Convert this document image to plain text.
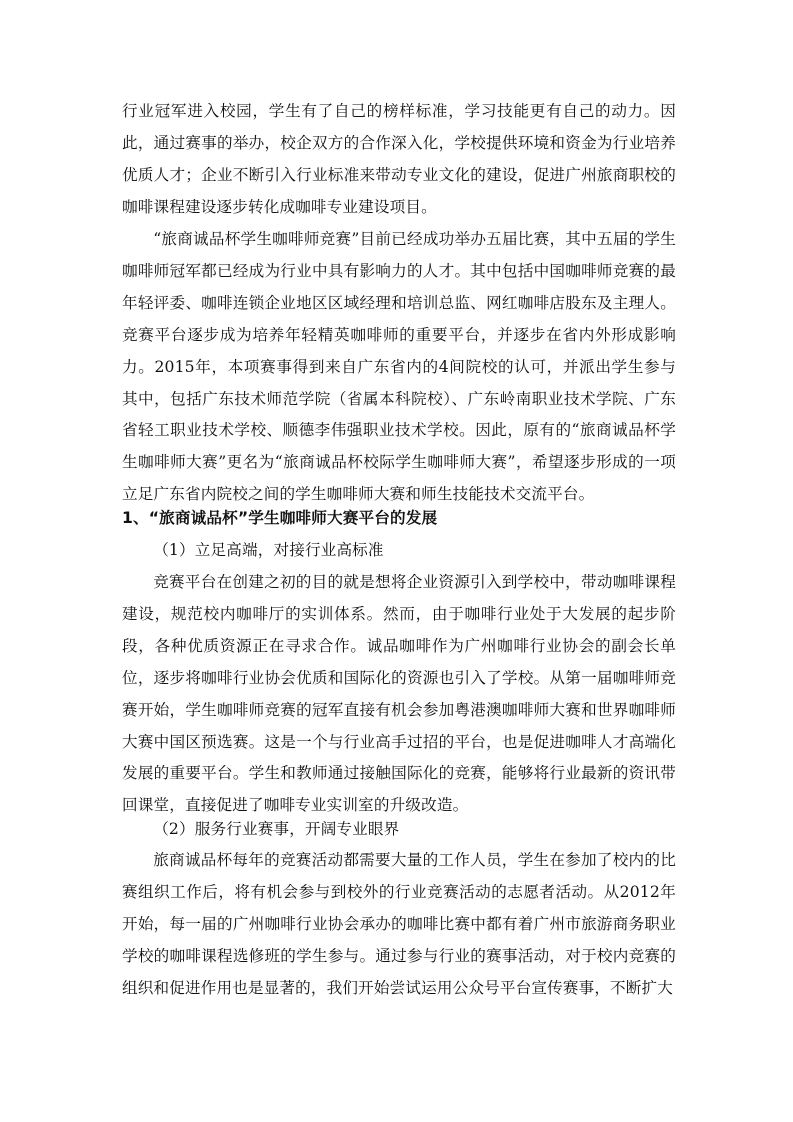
行业冠军进入校园，学生有了自己的榜样标准，学习技能更有自己的动力。因此，通过赛事的举办，校企双方的合作深入化，学校提供环境和资金为行业培养优质人才；企业不断引入行业标准来带动专业文化的建设，促进广州旅商职校的咖啡课程建设逐步转化成咖啡专业建设项目。

“旅商诚品杯学生咖啡师竞赛”目前已经成功举办五届比赛，其中五届的学生咖啡师冠军都已经成为行业中具有影响力的人才。其中包括中国咖啡师竞赛的最年轻评委、咖啡连锁企业地区区域经理和培训总监、网红咖啡店股东及主理人。竞赛平台逐步成为培养年轻精英咖啡师的重要平台，并逐步在省内外形成影响力。2015年，本项赛事得到来自广东省内的4间院校的认可，并派出学生参与其中，包括广东技术师范学院（省属本科院校）、广东岭南职业技术学院、广东省轻工职业技术学校、顺德李伟强职业技术学校。因此，原有的“旅商诚品杯学生咖啡师大赛”更名为“旅商诚品杯校际学生咖啡师大赛”，希望逐步形成的一项立足广东省内院校之间的学生咖啡师大赛和师生技能技术交流平台。

1、“旅商诚品杯”学生咖啡师大赛平台的发展

（1）立足高端，对接行业高标准

竞赛平台在创建之初的目的就是想将企业资源引入到学校中，带动咖啡课程建设，规范校内咖啡厅的实训体系。然而，由于咖啡行业处于大发展的起步阶段，各种优质资源正在寻求合作。诚品咖啡作为广州咖啡行业协会的副会长单位，逐步将咖啡行业协会优质和国际化的资源也引入了学校。从第一届咖啡师竞赛开始，学生咖啡师竞赛的冠军直接有机会参加粤港澳咖啡师大赛和世界咖啡师大赛中国区预选赛。这是一个与行业高手过招的平台，也是促进咖啡人才高端化发展的重要平台。学生和教师通过接触国际化的竞赛，能够将行业最新的资讯带回课堂，直接促进了咖啡专业实训室的升级改造。

（2）服务行业赛事，开阔专业眼界

旅商诚品杯每年的竞赛活动都需要大量的工作人员，学生在参加了校内的比赛组织工作后，将有机会参与到校外的行业竞赛活动的志愿者活动。从2012年开始，每一届的广州咖啡行业协会承办的咖啡比赛中都有着广州市旅游商务职业学校的咖啡课程选修班的学生参与。通过参与行业的赛事活动，对于校内竞赛的组织和促进作用也是显著的，我们开始尝试运用公众号平台宣传赛事，不断扩大
